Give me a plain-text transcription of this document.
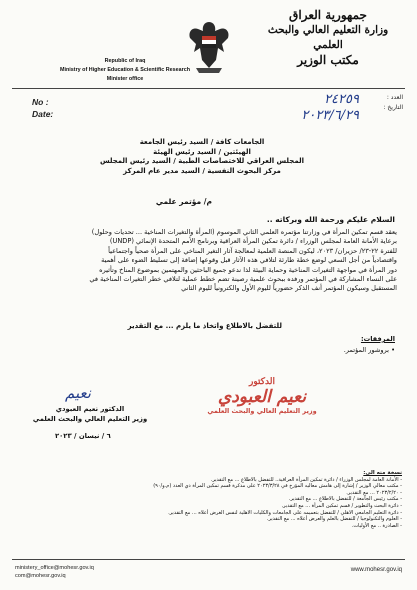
Republic of Iraq
Ministry of Higher Education & Scientific Research
Minister office
جمهورية العراق
وزارة التعليم العالي والبحث العلمي
مكتب الوزير
No :
Date:
العدد :
التاريخ :
٢٤٢٥٩
٢٠٢٣/٦/٢٩
الجامعات كافة / السيد رئيس الجامعة
الهيئتين / السيد رئيس الهيئة
المجلس العراقي للاختصاصات الطبية / السيد رئيس المجلس
مركز البحوث النفسية / السيد مدير عام المركز
م/ مؤتمر علمي
السلام عليكم ورحمة الله وبركاته ..
يعقد قسم تمكين المرأة في وزارتنا مؤتمره العلمي الثاني الموسوم (المرأة والتغيرات المناخية ... تحديات وحلول)
برعاية الأمانة العامة لمجلس الوزراء / دائرة تمكين المرأة العراقية وبرنامج الأمم المتحدة الإنمائي (UNDP)
للفترة ٢٢-٢٣/ حزيران/ ٢٠٢٣، ليكون المنصة العلمية لمعالجة آثار التغير المناخي على المرأة صحياً واجتماعياً
واقتصادياً من أجل السعي لوضع خطة طارئة لتلافي هذه الآثار قبل وقوعها إضافة إلى تسليط الضوء على أهمية
دور المرأة في مواجهة التغيرات المناخية وحماية البيئة لذا ندعو جميع الباحثين والمهتمين بموضوع المناخ وتأثيره
على النساء المشاركة في المؤتمر ورفده ببحوث علمية رصينة تضم خطط عملية لتلافي خطر التغيرات المناخية في
المستقبل وسيكون المؤتمر أنف الذكر حضورياً لليوم الأول والكترونياً لليوم الثاني
للتفضل بالاطلاع واتخاذ ما يلزم ... مع التقدير
المرفقات:
• بروشور المؤتمر.
الدكتور
نعيم العبودي
وزير التعليم العالي والبحث العلمي
نعيم
الدكتور نعيم العبودي
وزير التعليم العالي والبحث العلمي
٦ / نيسان / ٢٠٢٣
نسخة منه الى:
- الأمانة العامة لمجلس الوزراء / دائرة تمكين المرأة العراقية.. للتفضل بالاطلاع ... مع التقدير.
- مكتب معالي الوزير / إشارة إلى هامش معاليه المؤرخ في ٢٠٢٣/٣/٢٨ على مذكرة قسم تمكين المرأة ذي العدد (م.و/٩٠)
- ٢٠٢٣/٢/٢٠ ... مع التقدير.
- مكتب رئيس الجامعة / للتفضل بالاطلاع ... مع التقدير.
- دائرة البحث والتطوير / قسم تمكين المرأة ... مع التقدير.
- دائرة التعليم الجامعي الاهلي / للتفضل بتعميمه على الجامعات والكليات الاهلية لنفس الغرض أعلاه ... مع التقدير.
- العلوم والتكنولوجيا / للتفضل بالعلم والعرض أعلاه ... مع التقدير.
- الصادرة .. مع الأوليات.
ministery_office@mohesr.gov.iq
com@mohesr.gov.iq
www.mohesr.gov.iq
